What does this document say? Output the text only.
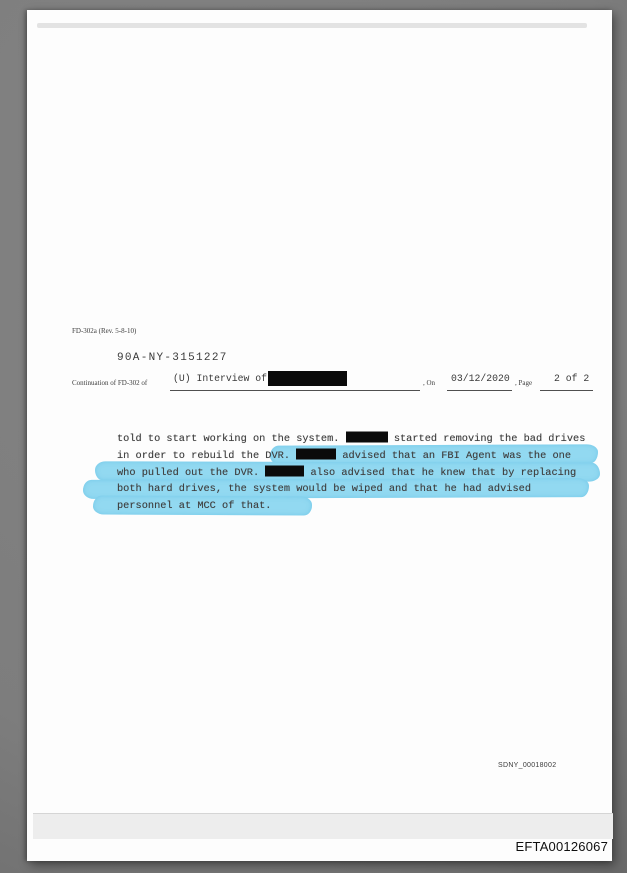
FD-302a (Rev. 5-8-10)
90A-NY-3151227
Continuation of FD-302 of	(U) Interview of	, On 03/12/2020 , Page 2 of 2
told to start working on the system.	started removing the bad drives
in order to rebuild the DVR.	advised that an FBI Agent was the one
who pulled out the DVR.	also advised that he knew that by replacing
both hard drives, the system would be wiped and that he had advised
personnel at MCC of that.
SDNY_00018002
EFTA00126067
